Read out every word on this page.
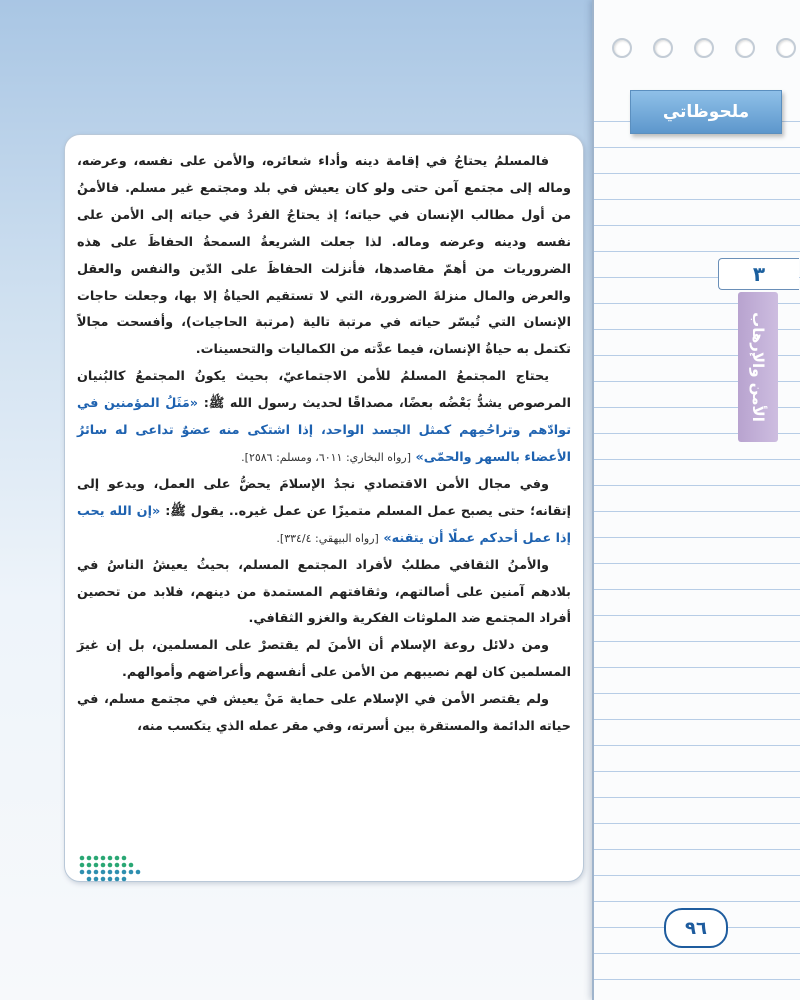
ملحوظاتي
٣
الأمن والإرهاب

فالمسلمُ يحتاجُ في إقامة دينه وأداء شعائره، والأمن على نفسه، وعرضه، وماله إلى مجتمع آمن حتى ولو كان يعيش في بلد ومجتمع غير مسلم. فالأمنُ من أول مطالب الإنسان في حياته؛ إذ يحتاجُ الفردُ في حياته إلى الأمن على نفسه ودينه وعرضه وماله. لذا جعلت الشريعةُ السمحةُ الحفاظَ على هذه الضروريات من أهمّ مقاصدها، فأنزلت الحفاظَ على الدّين والنفس والعقل والعرض والمال منزلةَ الضرورة، التي لا تستقيم الحياةُ إلا بها، وجعلت حاجات الإنسان التي تُيسّر حياته في مرتبة تالية (مرتبة الحاجيات)، وأفسحت مجالاً تكتمل به حياةُ الإنسان، فيما عدَّته من الكماليات والتحسينات.

يحتاج المجتمعُ المسلمُ للأمن الاجتماعيّ، بحيث يكونُ المجتمعُ كالبُنيان المرصوص يشدُّ بَعْضُه بعضًا، مصداقًا لحديث رسول الله ﷺ: «مَثَلُ المؤمنين في توادّهم وتراحُمِهم كمثل الجسد الواحد، إذا اشتكى منه عضوٌ تداعى له سائرُ الأعضاء بالسهر والحمّى» [رواه البخاري: ٦٠١١، ومسلم: ٢٥٨٦].

وفي مجال الأمن الاقتصادي نجدُ الإسلامَ يحضُّ على العمل، ويدعو إلى إتقانه؛ حتى يصبح عمل المسلم متميزًا عن عمل غيره.. يقول ﷺ: «إن الله يحب إذا عمل أحدكم عملًا أن يتقنه» [رواه البيهقي: ٣٣٤/٤].

والأمنُ الثقافي مطلبٌ لأفراد المجتمع المسلم، بحيثُ يعيشُ الناسُ في بلادهم آمنين على أصالتهم، وثقافتهم المستمدة من دينهم، فلابد من تحصين أفراد المجتمع ضد الملوثات الفكرية والغزو الثقافي.

ومن دلائل روعة الإسلام أن الأمنَ لم يقتصرْ على المسلمين، بل إن غيرَ المسلمين كان لهم نصيبهم من الأمن على أنفسهم وأعراضهم وأموالهم.

ولم يقتصر الأمن في الإسلام على حماية مَنْ يعيش في مجتمع مسلم، في حياته الدائمة والمستقرة بين أسرته، وفي مقر عمله الذي يتكسب منه،

٩٦
